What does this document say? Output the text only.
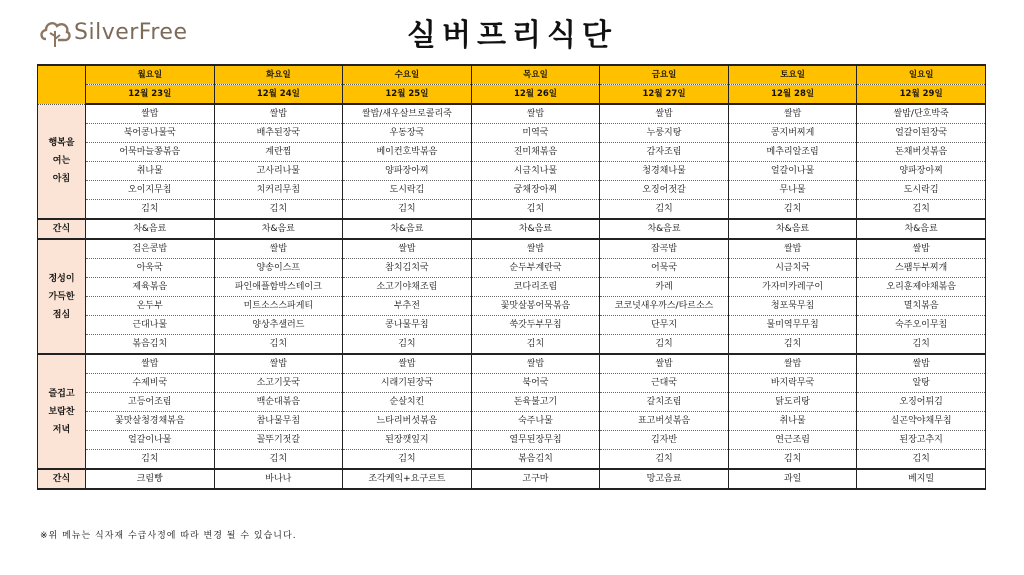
SilverFree	실버프리식단
	월요일	화요일	수요일	목요일	금요일	토요일	일요일
	12월 23일	12월 24일	12월 25일	12월 26일	12월 27일	12월 28일	12월 29일

행복을
여는
아침	쌀밥	쌀밥	쌀밥/새우살브로콜리죽	쌀밥	쌀밥	쌀밥	쌀밥/단호박죽
	북어콩나물국	배추된장국	우동장국	미역국	누룽지탕	콩지버찌게	얼갈이된장국
	어묵마늘쫑볶음	계란찜	베이컨호박볶음	진미채볶음	감자조림	메추리알조림	돈채버섯볶음
	취나물	고사리나물	양파장아찌	시금치나물	청경채나물	얼갈이나물	양파장아찌
	오이지무침	치커리무침	도시락김	궁채장아찌	오징어젓갈	무나물	도시락김
	김치	김치	김치	김치	김치	김치	김치
간식	차&음료	차&음료	차&음료	차&음료	차&음료	차&음료	차&음료

정성이
가득한
점심	검은콩밥	쌀밥	쌀밥	쌀밥	잡곡밥	쌀밥	쌀밥
	아욱국	양송이스프	참치김치국	순두부계란국	어묵국	시금치국	스팸두부찌개
	제육볶음	파인애플함박스테이크	소고기야채조림	코다리조림	카레	가자미카레구이	오리훈제야채볶음
	온두부	미트소스스파게티	부추전	꽃맛살봉어묵볶음	코코넛새우까스/타르소스	청포묵무침	멸치볶음
	근대나물	양상추샐러드	콩나물무침	쑥갓두부무침	단무지	물미역무무침	숙주오이무침
	볶음김치	김치	김치	김치	김치	김치	김치

즐겁고
보람찬
저녁	쌀밥	쌀밥	쌀밥	쌀밥	쌀밥	쌀밥	쌀밥
	수제비국	소고기뭇국	시래기된장국	북어국	근대국	바지락무국	알탕
	고등어조림	백순대볶음	순살치킨	돈육불고기	갈치조림	닭도리탕	오징어튀김
	꽃맛살청경채볶음	참나물무침	느타리버섯볶음	숙주나물	표고버섯볶음	취나물	실곤약야채무침
	얼갈이나물	꼴뚜기젓갈	된장깻잎지	열무된장무침	김자반	연근조림	된장고추지
	김치	김치	김치	볶음김치	김치	김치	김치
간식	크림빵	바나나	조각케익+요구르트	고구마	망고음료	과일	베지밀
※위 메뉴는 식자재 수급사정에 따라 변경 될 수 있습니다.
